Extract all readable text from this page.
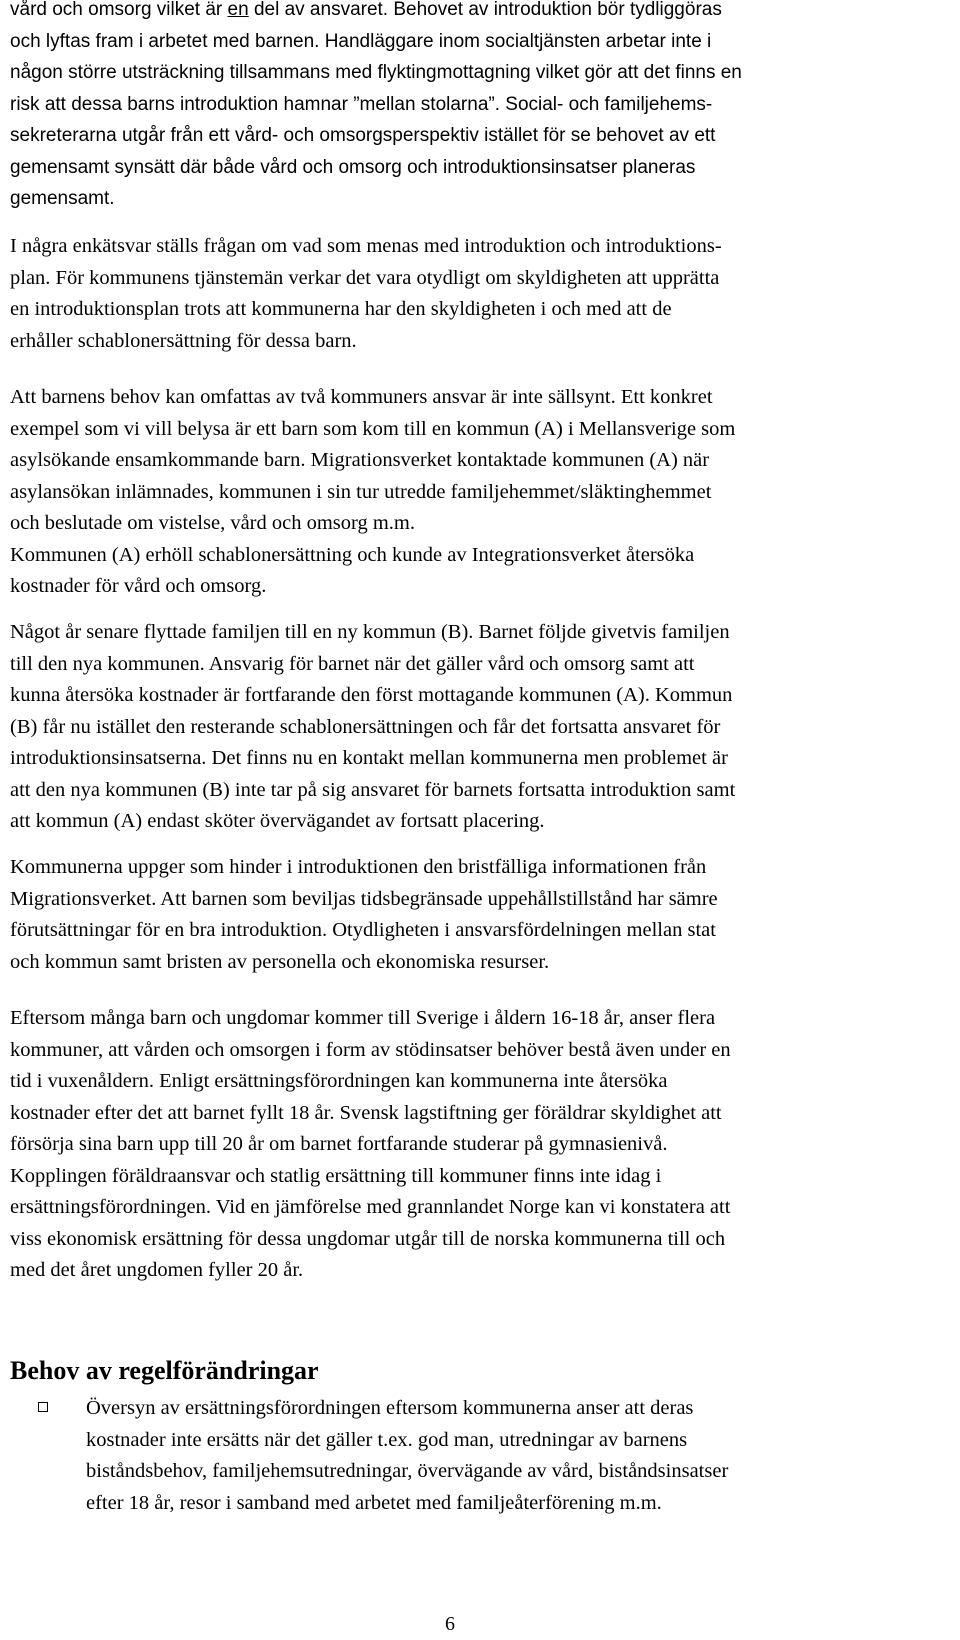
vård och omsorg vilket är en del av ansvaret. Behovet av introduktion bör tydliggöras
och lyftas fram i arbetet med barnen. Handläggare inom socialtjänsten arbetar inte i
någon större utsträckning tillsammans med flyktingmottagning vilket gör att det finns en
risk att dessa barns introduktion hamnar ”mellan stolarna”. Social- och familjehems-
sekreterarna utgår från ett vård- och omsorgsperspektiv istället för se behovet av ett
gemensamt synsätt där både vård och omsorg och introduktionsinsatser planeras
gemensamt.
I några enkätsvar ställs frågan om vad som menas med introduktion och introduktions-
plan. För kommunens tjänstemän verkar det vara otydligt om skyldigheten att upprätta
en introduktionsplan trots att kommunerna har den skyldigheten i och med att de
erhåller schablonersättning för dessa barn.
Att barnens behov kan omfattas av två kommuners ansvar är inte sällsynt. Ett konkret
exempel som vi vill belysa är ett barn som kom till en kommun (A) i Mellansverige som
asylsökande ensamkommande barn. Migrationsverket kontaktade kommunen (A) när
asylansökan inlämnades, kommunen i sin tur utredde familjehemmet/släktinghemmet
och beslutade om vistelse, vård och omsorg m.m.
Kommunen (A) erhöll schablonersättning och kunde av Integrationsverket återsöka
kostnader för vård och omsorg.
Något år senare flyttade familjen till en ny kommun (B). Barnet följde givetvis familjen
till den nya kommunen. Ansvarig för barnet när det gäller vård och omsorg samt att
kunna återsöka kostnader är fortfarande den först mottagande kommunen (A). Kommun
(B) får nu istället den resterande schablonersättningen och får det fortsatta ansvaret för
introduktionsinsatserna. Det finns nu en kontakt mellan kommunerna men problemet är
att den nya kommunen (B) inte tar på sig ansvaret för barnets fortsatta introduktion samt
att kommun (A) endast sköter övervägandet av fortsatt placering.
Kommunerna uppger som hinder i introduktionen den bristfälliga informationen från
Migrationsverket. Att barnen som beviljas tidsbegränsade uppehållstillstånd har sämre
förutsättningar för en bra introduktion. Otydligheten i ansvarsfördelningen mellan stat
och kommun samt bristen av personella och ekonomiska resurser.
Eftersom många barn och ungdomar kommer till Sverige i åldern 16-18 år, anser flera
kommuner, att vården och omsorgen i form av stödinsatser behöver bestå även under en
tid i vuxenåldern. Enligt ersättningsförordningen kan kommunerna inte återsöka
kostnader efter det att barnet fyllt 18 år. Svensk lagstiftning ger föräldrar skyldighet att
försörja sina barn upp till 20 år om barnet fortfarande studerar på gymnasienivå.
Kopplingen föräldraansvar och statlig ersättning till kommuner finns inte idag i
ersättningsförordningen. Vid en jämförelse med grannlandet Norge kan vi konstatera att
viss ekonomisk ersättning för dessa ungdomar utgår till de norska kommunerna till och
med det året ungdomen fyller 20 år.
Behov av regelförändringar
Översyn av ersättningsförordningen eftersom kommunerna anser att deras
kostnader inte ersätts när det gäller t.ex. god man, utredningar av barnens
biståndsbehov, familjehemsutredningar, övervägande av vård, biståndsinsatser
efter 18 år, resor i samband med arbetet med familjeåterförening m.m.
6
